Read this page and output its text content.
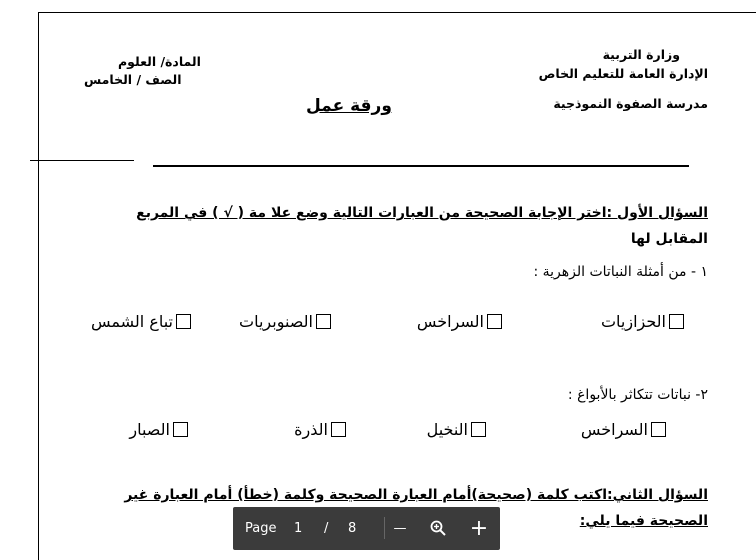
وزارة التربية
الإدارة العامة للتعليم الخاص
مدرسة الصفوة النموذجية
المادة/ العلوم
الصف / الخامس
ورقة عمل
السؤال الأول :اختر الإجابة الصحيحة من العبارات التالية وضع علا مة ( √ ) في المربع
المقابل لها
١ - من أمثلة النباتات الزهرية :
الحزازيات
السراخس
الصنوبريات
تباع الشمس
٢- نباتات تتكاثر بالأبواغ :
السراخس
النخيل
الذرة
الصبار
السؤال الثاني:اكتب كلمة (صحيحة)أمام العبارة الصحيحة وكلمة (خطأ) أمام العبارة غير
الصحيحة فيما يلي:
Page 1 / 8	—	+
